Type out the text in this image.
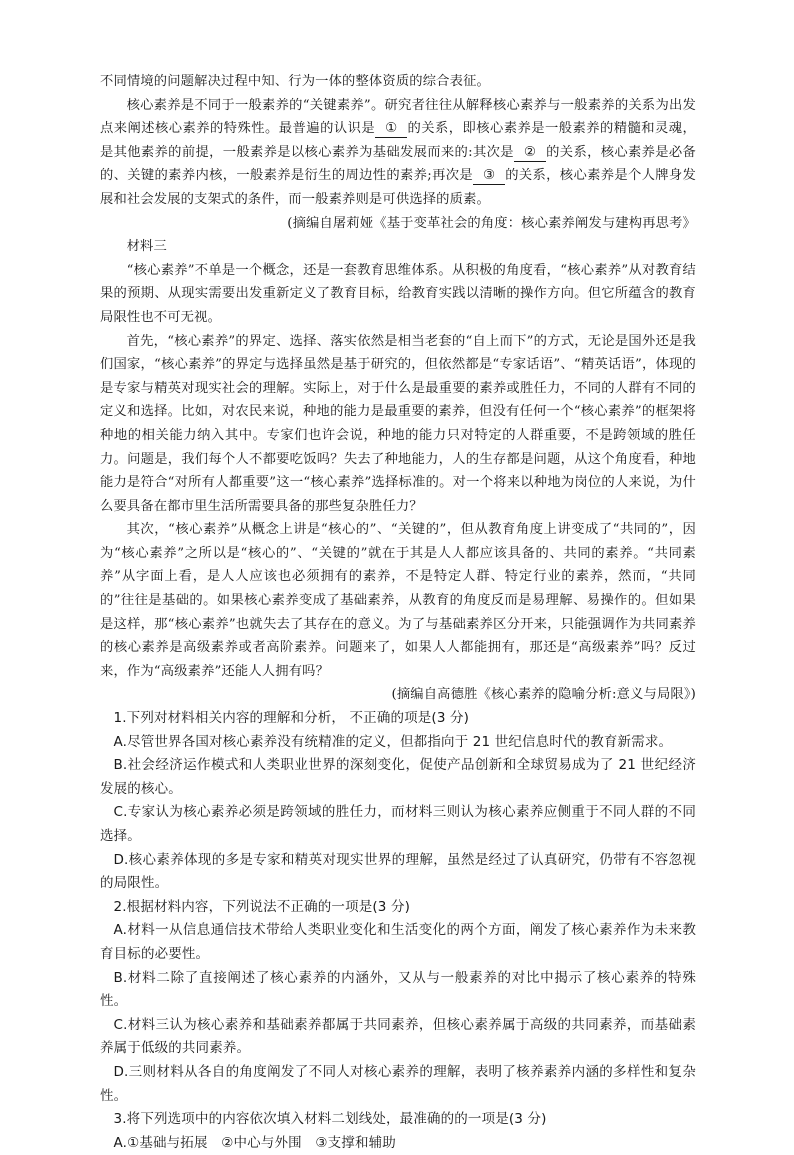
不同情境的问题解决过程中知、行为一体的整体资质的综合表征。

核心素养是不同于一般素养的“关键素养”。研究者往往从解释核心素养与一般素养的关系为出发点来阐述核心素养的特殊性。最普遍的认识是 ① 的关系，即核心素养是一般素养的精髓和灵魂，是其他素养的前提，一般素养是以核心素养为基础发展而来的:其次是 ② 的关系，核心素养是必备的、关键的素养内核，一般素养是衍生的周边性的素养;再次是 ③ 的关系，核心素养是个人牌身发展和社会发展的支架式的条件，而一般素养则是可供选择的质素。

(摘编自屠莉娅《基于变革社会的角度：核心素养阐发与建构再思考》

材料三

“核心素养”不单是一个概念，还是一套教育思维体系。从积极的角度看，“核心素养”从对教育结果的预期、从现实需要出发重新定义了教育目标，给教育实践以清晰的操作方向。但它所蕴含的教育局限性也不可无视。

首先，“核心素养”的界定、选择、落实依然是相当老套的“自上而下”的方式，无论是国外还是我们国家，“核心素养”的界定与选择虽然是基于研究的，但依然都是“专家话语”、“精英话语”，体现的是专家与精英对现实社会的理解。实际上，对于什么是最重要的素养或胜任力，不同的人群有不同的定义和选择。比如，对农民来说，种地的能力是最重要的素养，但没有任何一个“核心素养”的框架将种地的相关能力纳入其中。专家们也许会说，种地的能力只对特定的人群重要，不是跨领域的胜任力。问题是，我们每个人不都要吃饭吗？失去了种地能力，人的生存都是问题，从这个角度看，种地能力是符合“对所有人都重要”这一“核心素养”选择标准的。对一个将来以种地为岗位的人来说，为什么要具备在都市里生活所需要具备的那些复杂胜任力？

其次，“核心素养”从概念上讲是“核心的”、“关键的”，但从教育角度上讲变成了“共同的”，因为“核心素养”之所以是“核心的”、“关键的”就在于其是人人都应该具备的、共同的素养。“共同素养”从字面上看，是人人应该也必须拥有的素养，不是特定人群、特定行业的素养，然而，“共同的”往往是基础的。如果核心素养变成了基础素养，从教育的角度反而是易理解、易操作的。但如果是这样，那“核心素养”也就失去了其存在的意义。为了与基础素养区分开来，只能强调作为共同素养的核心素养是高级素养或者高阶素养。问题来了，如果人人都能拥有，那还是“高级素养”吗？反过来，作为“高级素养”还能人人拥有吗？

(摘编自高德胜《核心素养的隐喻分析:意义与局限》)

1.下列对材料相关内容的理解和分析， 不正确的项是(3 分)

A.尽管世界各国对核心素养没有统精准的定义，但都指向于 21 世纪信息时代的教育新需求。

B.社会经济运作模式和人类职业世界的深刻变化，促使产品创新和全球贸易成为了 21 世纪经济发展的核心。

C.专家认为核心素养必须是跨领域的胜任力，而材料三则认为核心素养应侧重于不同人群的不同选择。

D.核心素养体现的多是专家和精英对现实世界的理解，虽然是经过了认真研究，仍带有不容忽视的局限性。

2.根据材料内容，下列说法不正确的一项是(3 分)

A.材料一从信息通信技术带给人类职业变化和生活变化的两个方面，阐发了核心素养作为未来教育目标的必要性。

B.材料二除了直接阐述了核心素养的内涵外，又从与一般素养的对比中揭示了核心素养的特殊性。

C.材料三认为核心素养和基础素养都属于共同素养，但核心素养属于高级的共同素养，而基础素养属于低级的共同素养。

D.三则材料从各自的角度阐发了不同人对核心素养的理解，表明了核养素养内涵的多样性和复杂性。

3.将下列选项中的内容依次填入材料二划线处，最准确的的一项是(3 分)

A.①基础与拓展　②中心与外围　③支撑和辅助
